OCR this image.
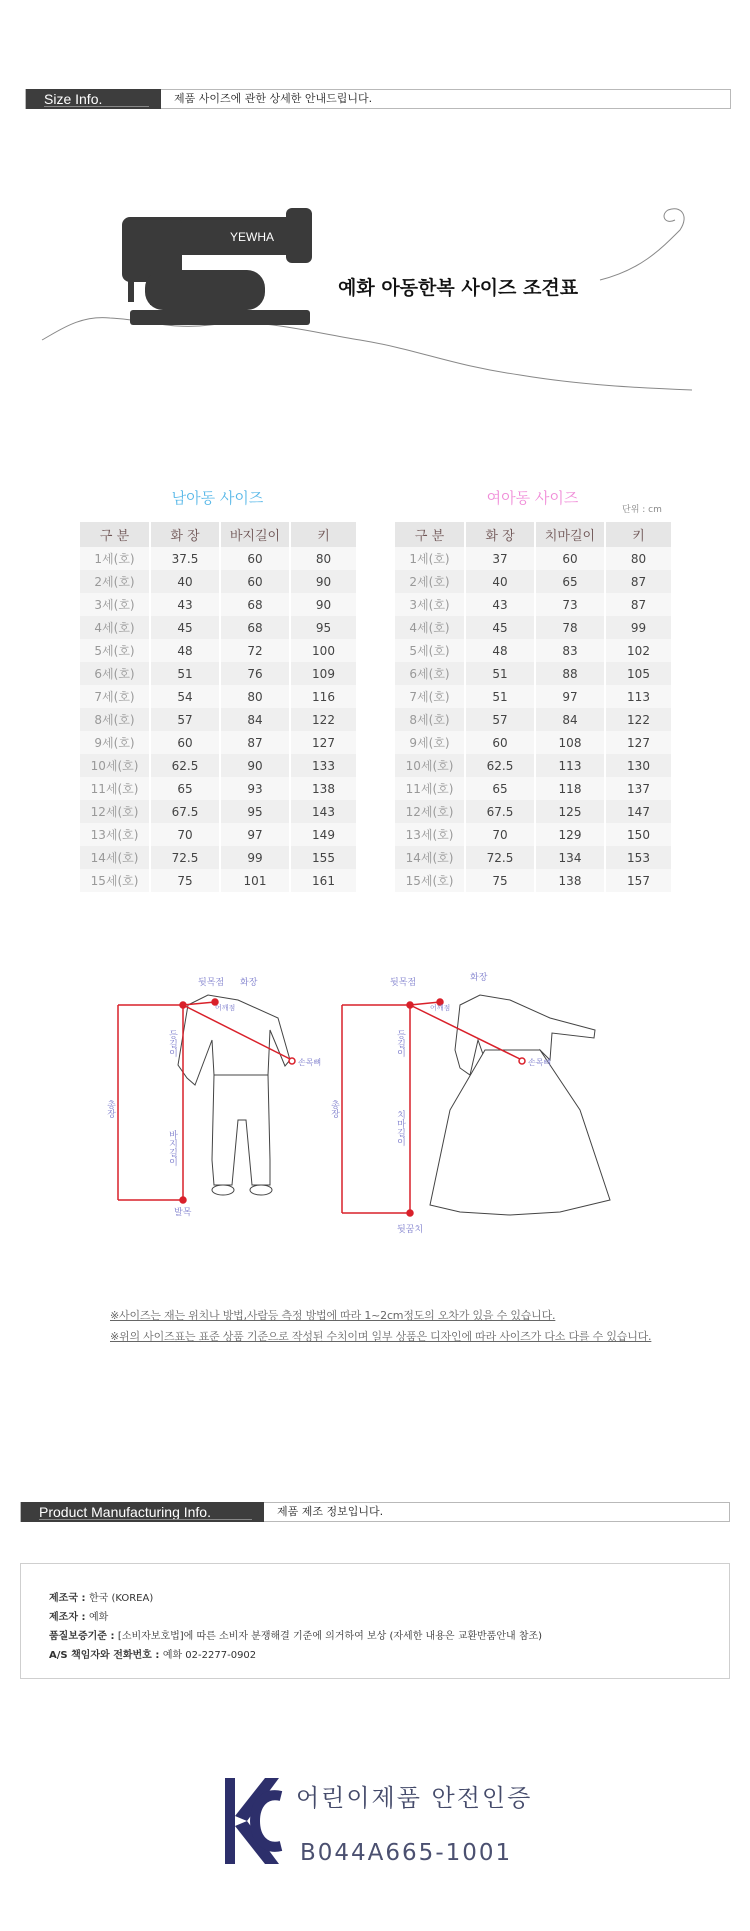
Size Info.	제품 사이즈에 관한 상세한 안내드립니다.
YEWHA
예화 아동한복 사이즈 조견표
남아동 사이즈	여아동 사이즈
단위 : cm
구 분	화 장	바지길이	키
1세(호)	37.5	60	80
2세(호)	40	60	90
3세(호)	43	68	90
4세(호)	45	68	95
5세(호)	48	72	100
6세(호)	51	76	109
7세(호)	54	80	116
8세(호)	57	84	122
9세(호)	60	87	127
10세(호)	62.5	90	133
11세(호)	65	93	138
12세(호)	67.5	95	143
13세(호)	70	97	149
14세(호)	72.5	99	155
15세(호)	75	101	161
구 분	화 장	치마길이	키
1세(호)	37	60	80
2세(호)	40	65	87
3세(호)	43	73	87
4세(호)	45	78	99
5세(호)	48	83	102
6세(호)	51	88	105
7세(호)	51	97	113
8세(호)	57	84	122
9세(호)	60	108	127
10세(호)	62.5	113	130
11세(호)	65	118	137
12세(호)	67.5	125	147
13세(호)	70	129	150
14세(호)	72.5	134	153
15세(호)	75	138	157
뒷목점 화장
어깨점
손목뼈
총장
등길이
바지길이
발목
뒷목점	화장
어깨점
손목뼈
총장
등길이
치마길이
뒷꿈치
※사이즈는 재는 위치나 방법,사람등 측정 방법에 따라 1~2cm정도의 오차가 있을 수 있습니다.
※위의 사이즈표는 표준 상품 기준으로 작성된 수치이며 일부 상품은 디자인에 따라 사이즈가 다소 다를 수 있습니다.
Product Manufacturing Info.	제품 제조 정보입니다.
제조국 : 한국 (KOREA)
제조자 : 예화
품질보증기준 : [소비자보호법]에 따른 소비자 분쟁해결 기준에 의거하여 보상 (자세한 내용은 교환반품안내 참조)
A/S 책임자와 전화번호 : 예화 02-2277-0902
어린이제품 안전인증
B044A665-1001
